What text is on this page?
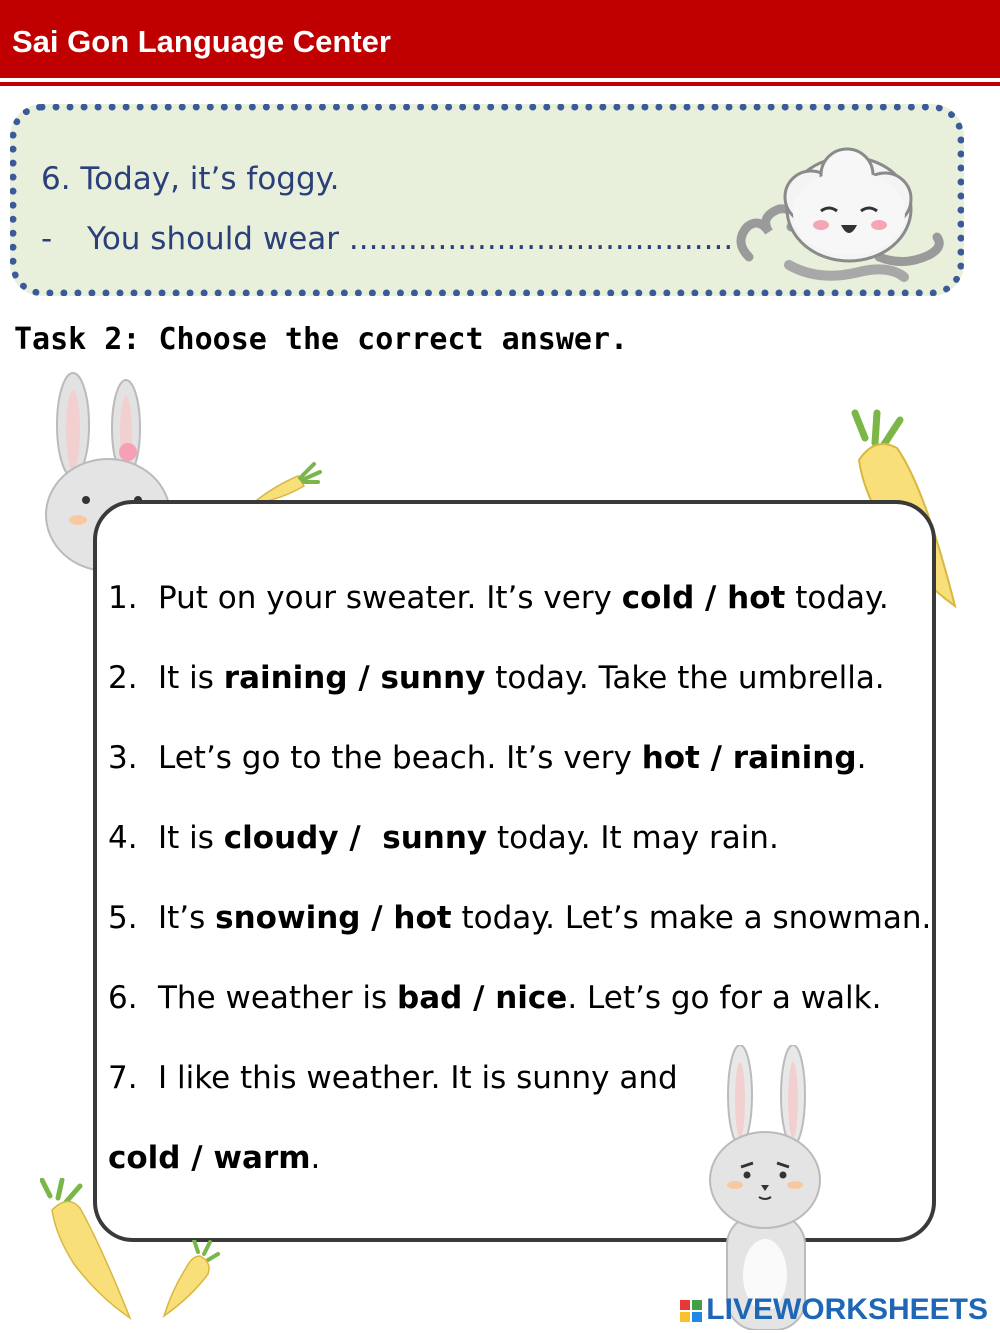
Sai Gon Language Center
6. Today, it’s foggy.
- You should wear .......................................
Task 2: Choose the correct answer.
1. Put on your sweater. It’s very cold / hot today.
2. It is raining / sunny today. Take the umbrella.
3. Let’s go to the beach. It’s very hot / raining.
4. It is cloudy /  sunny today. It may rain.
5. It’s snowing / hot today. Let’s make a snowman.
6. The weather is bad / nice. Let’s go for a walk.
7. I like this weather. It is sunny and
cold / warm.
LIVEWORKSHEETS
